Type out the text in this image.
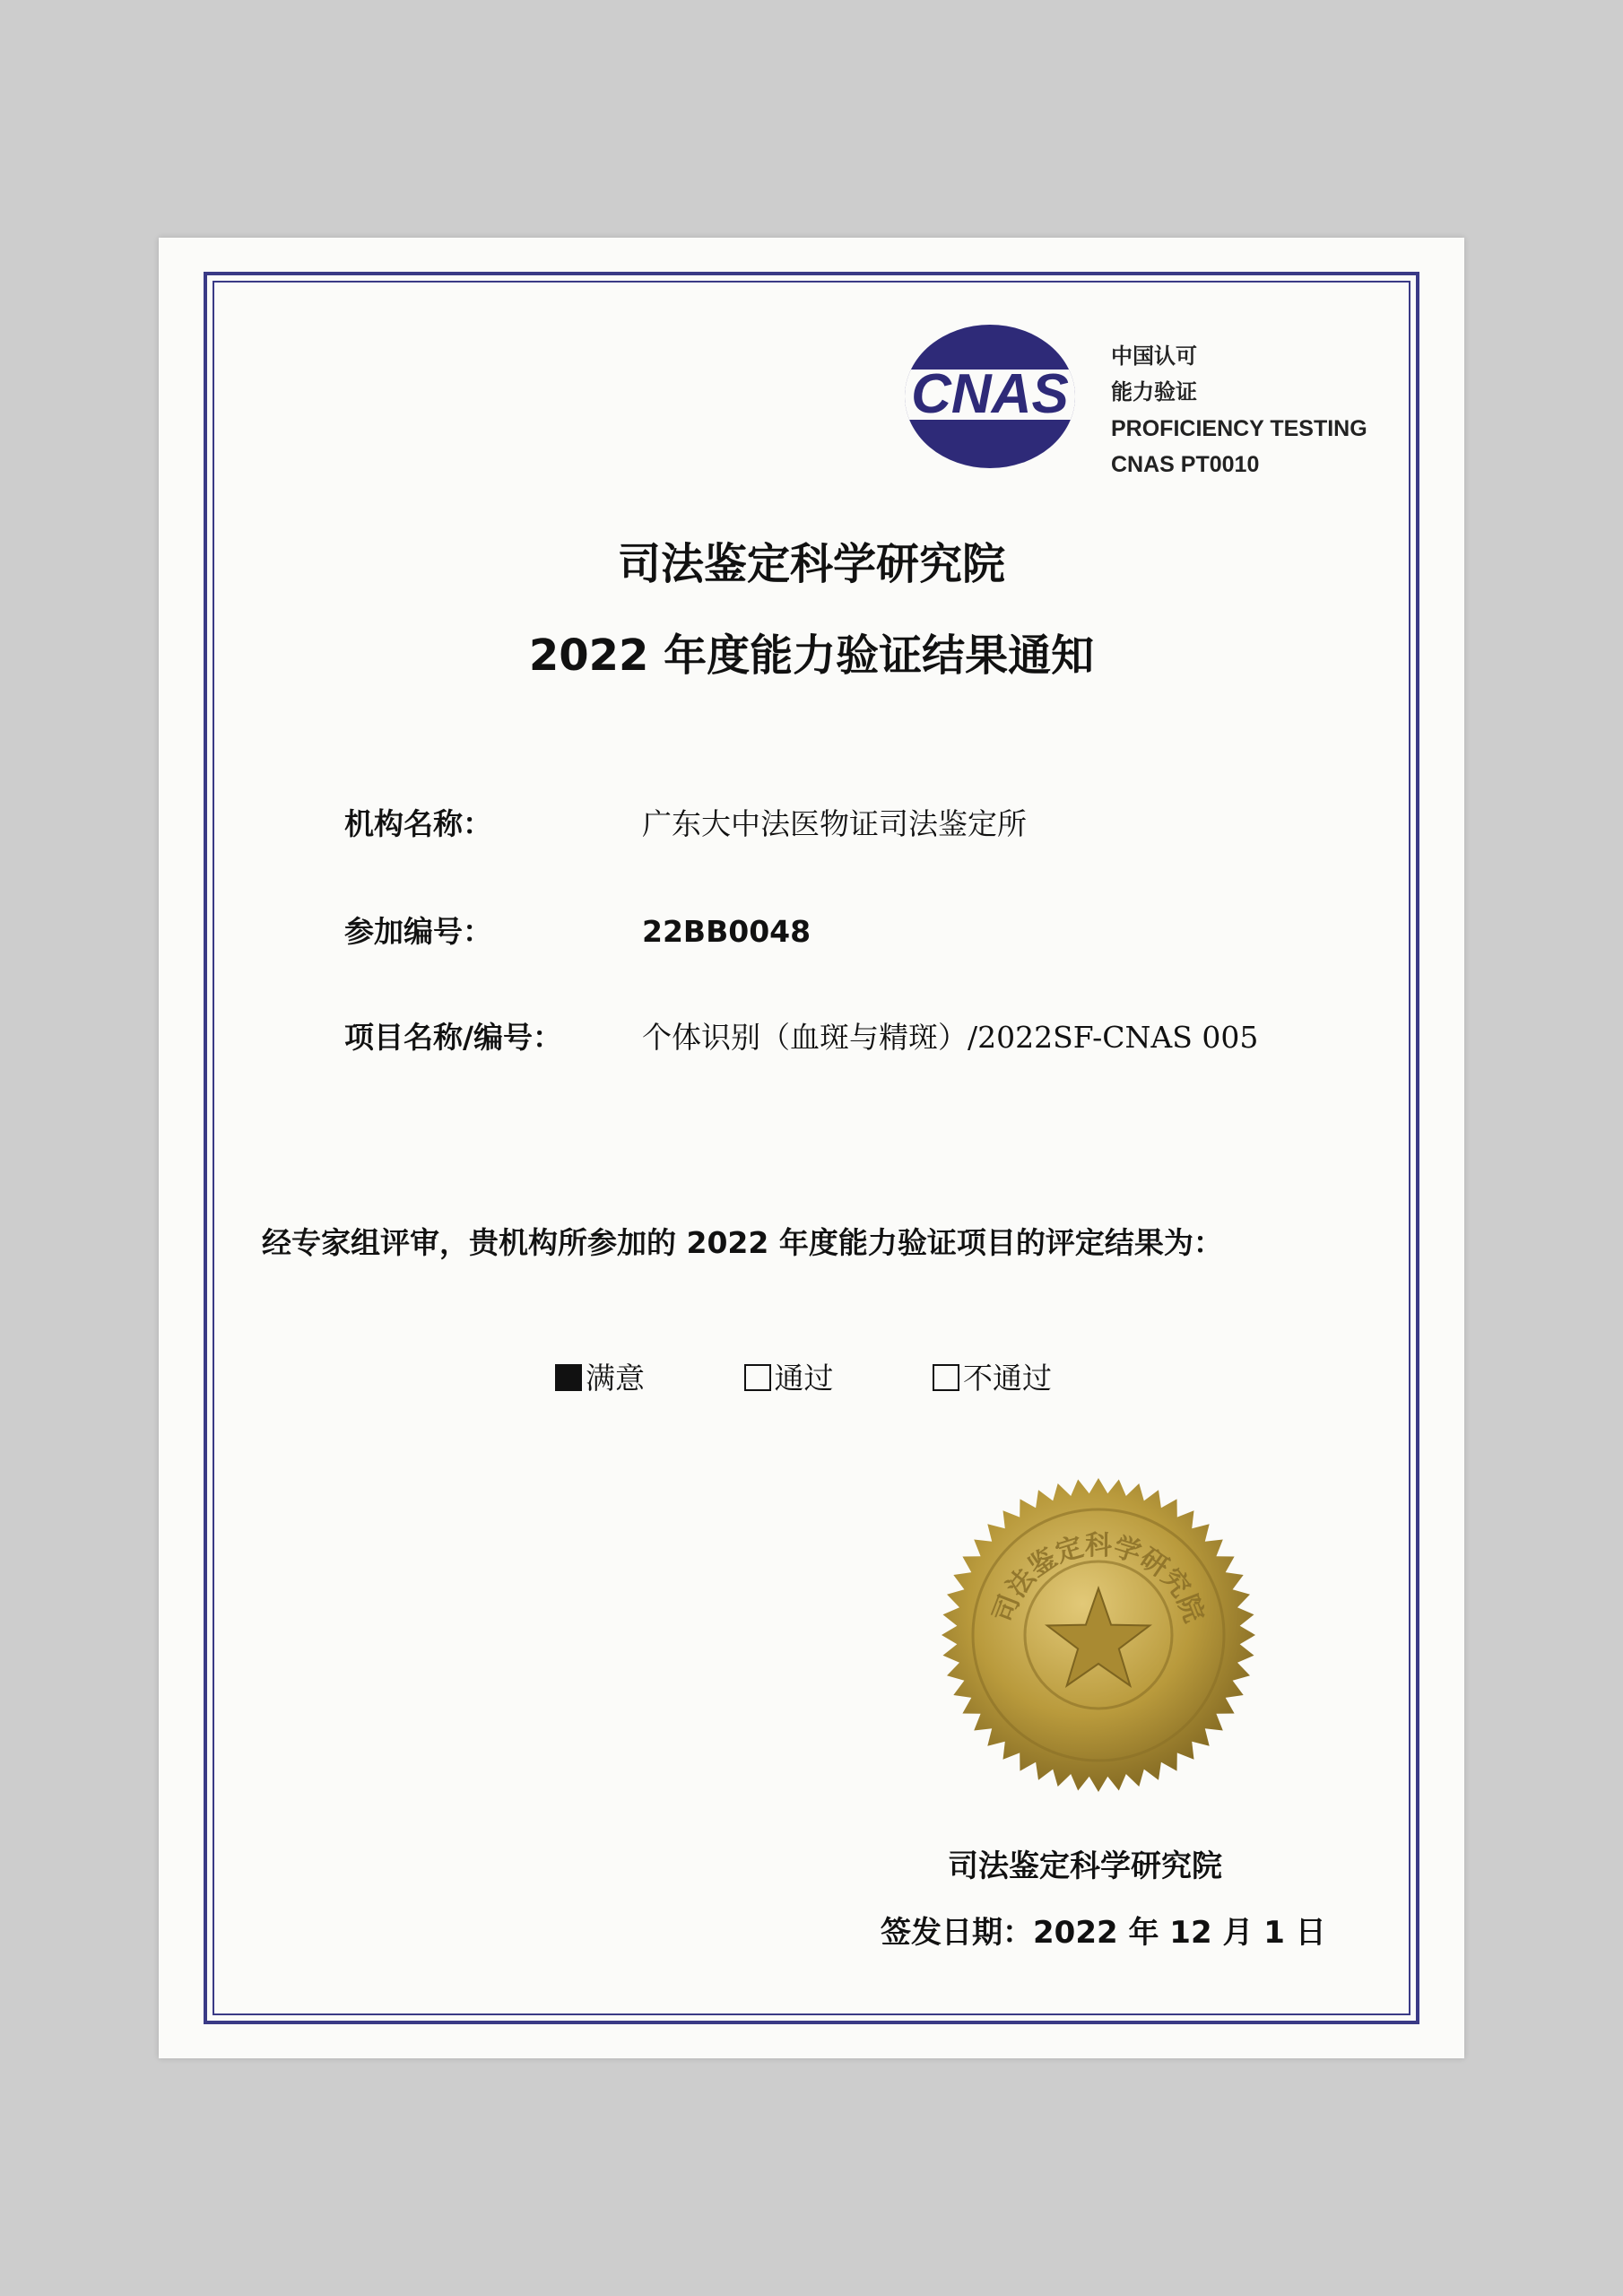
CNAS
中国认可
能力验证
PROFICIENCY TESTING
CNAS PT0010
司法鉴定科学研究院
2022 年度能力验证结果通知
机构名称：	广东大中法医物证司法鉴定所
参加编号：	22BB0048
项目名称/编号：	个体识别（血斑与精斑）/2022SF-CNAS 005
经专家组评审，贵机构所参加的 2022 年度能力验证项目的评定结果为：
满意	通过	不通过
司法鉴定科学研究院
司法鉴定科学研究院
签发日期：2022 年 12 月 1 日
